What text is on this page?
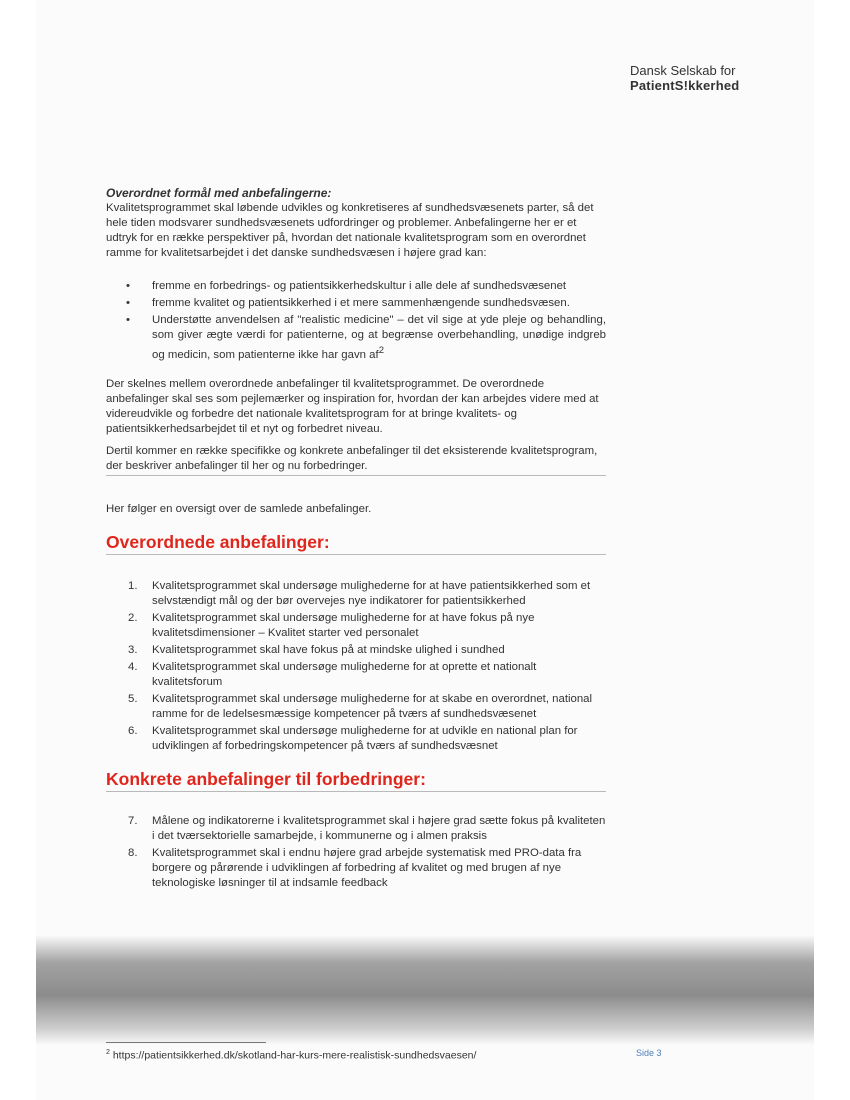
Dansk Selskab for
PatientS!kkerhed

Overordnet formål med anbefalingerne:

Kvalitetsprogrammet skal løbende udvikles og konkretiseres af sundhedsvæsenets parter, så det hele tiden modsvarer sundhedsvæsenets udfordringer og problemer. Anbefalingerne her er et udtryk for en række perspektiver på, hvordan det nationale kvalitetsprogram som en overordnet ramme for kvalitetsarbejdet i det danske sundhedsvæsen i højere grad kan:

• fremme en forbedrings- og patientsikkerhedskultur i alle dele af sundhedsvæsenet
• fremme kvalitet og patientsikkerhed i et mere sammenhængende sundhedsvæsen.
• Understøtte anvendelsen af "realistic medicine" – det vil sige at yde pleje og behandling, som giver ægte værdi for patienterne, og at begrænse overbehandling, unødige indgreb og medicin, som patienterne ikke har gavn $af^2$

Der skelnes mellem overordnede anbefalinger til kvalitetsprogrammet. De overordnede anbefalinger skal ses som pejlemærker og inspiration for, hvordan der kan arbejdes videre med at videreudvikle og forbedre det nationale kvalitetsprogram for at bringe kvalitets- og patientsikkerhedsarbejdet til et nyt og forbedret niveau.

Dertil kommer en række specifikke og konkrete anbefalinger til det eksisterende kvalitetsprogram, der beskriver anbefalinger til her og nu forbedringer.

Her følger en oversigt over de samlede anbefalinger.

Overordnede anbefalinger:
1. Kvalitetsprogrammet skal undersøge mulighederne for at have patientsikkerhed som et selvstændigt mål og der bør overvejes nye indikatorer for patientsikkerhed
2. Kvalitetsprogrammet skal undersøge mulighederne for at have fokus på nye kvalitetsdimensioner – Kvalitet starter ved personalet
3. Kvalitetsprogrammet skal have fokus på at mindske ulighed i sundhed
4. Kvalitetsprogrammet skal undersøge mulighederne for at oprette et nationalt kvalitetsforum
5. Kvalitetsprogrammet skal undersøge mulighederne for at skabe en overordnet, national ramme for de ledelsesmæssige kompetencer på tværs af sundhedsvæsenet
6. Kvalitetsprogrammet skal undersøge mulighederne for at udvikle en national plan for udviklingen af forbedringskompetencer på tværs af sundhedsvæsnet
Konkrete anbefalinger til forbedringer:
7. Målene og indikatorerne i kvalitetsprogrammet skal i højere grad sætte fokus på kvaliteten i det tværsektorielle samarbejde, i kommunerne og i almen praksis
8. Kvalitetsprogrammet skal i endnu højere grad arbejde systematisk med PRO-data fra borgere og pårørende i udviklingen af forbedring af kvalitet og med brugen af nye teknologiske løsninger til at indsamle feedback
$^2$ https://patientsikkerhed.dk/skotland-har-kurs-mere-realistisk-sundhedsvaesen/	Side 3
